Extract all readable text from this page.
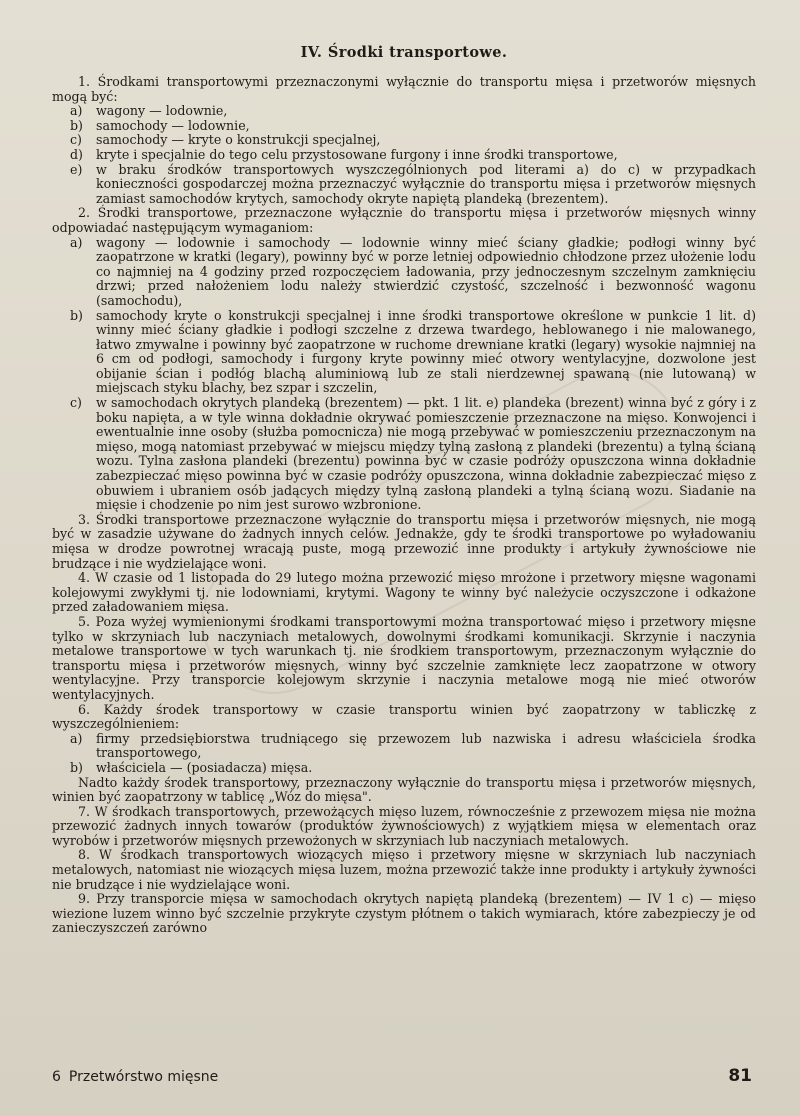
IV. Środki transportowe.

1. Środkami transportowymi przeznaczonymi wyłącznie do transportu mięsa i przetworów mięsnych mogą być:

a) wagony — lodownie,
b) samochody — lodownie,
c) samochody — kryte o konstrukcji specjalnej,
d) kryte i specjalnie do tego celu przystosowane furgony i inne środki transportowe,
e) w braku środków transportowych wyszczególnionych pod literami a) do c) w przypadkach konieczności gospodarczej można przeznaczyć wyłącznie do transportu mięsa i przetworów mięsnych zamiast samochodów krytych, samochody okryte napiętą plandeką (brezentem).

2. Środki transportowe, przeznaczone wyłącznie do transportu mięsa i przetworów mięsnych winny odpowiadać następującym wymaganiom:

a) wagony — lodownie i samochody — lodownie winny mieć ściany gładkie; podłogi winny być zaopatrzone w kratki (legary), powinny być w porze letniej odpowiednio chłodzone przez ułożenie lodu co najmniej na 4 godziny przed rozpoczęciem ładowania, przy jednoczesnym szczelnym zamknięciu drzwi; przed nałożeniem lodu należy stwierdzić czystość, szczelność i bezwonność wagonu (samochodu),
b) samochody kryte o konstrukcji specjalnej i inne środki transportowe określone w punkcie 1 lit. d) winny mieć ściany gładkie i podłogi szczelne z drzewa twardego, heblowanego i nie malowanego, łatwo zmywalne i powinny być zaopatrzone w ruchome drewniane kratki (legary) wysokie najmniej na 6 cm od podłogi, samochody i furgony kryte powinny mieć otwory wentylacyjne, dozwolone jest obijanie ścian i podłóg blachą aluminiową lub ze stali nierdzewnej spawaną (nie lutowaną) w miejscach styku blachy, bez szpar i szczelin,
c) w samochodach okrytych plandeką (brezentem) — pkt. 1 lit. e) plandeka (brezent) winna być z góry i z boku napięta, a w tyle winna dokładnie okrywać pomieszczenie przeznaczone na mięso. Konwojenci i ewentualnie inne osoby (służba pomocnicza) nie mogą przebywać w pomieszczeniu przeznaczonym na mięso, mogą natomiast przebywać w miejscu między tylną zasłoną z plandeki (brezentu) a tylną ścianą wozu. Tylna zasłona plandeki (brezentu) powinna być w czasie podróży opuszczona winna dokładnie zabezpieczać mięso powinna być w czasie podróży opuszczona, winna dokładnie zabezpieczać mięso z obuwiem i ubraniem osób jadących między tylną zasłoną plandeki a tylną ścianą wozu. Siadanie na mięsie i chodzenie po nim jest surowo wzbronione.

3. Środki transportowe przeznaczone wyłącznie do transportu mięsa i przetworów mięsnych, nie mogą być w zasadzie używane do żadnych innych celów. Jednakże, gdy te środki transportowe po wyładowaniu mięsa w drodze powrotnej wracają puste, mogą przewozić inne produkty i artykuły żywnościowe nie brudzące i nie wydzielające woni.

4. W czasie od 1 listopada do 29 lutego można przewozić mięso mrożone i przetwory mięsne wagonami kolejowymi zwykłymi tj. nie lodowniami, krytymi. Wagony te winny być należycie oczyszczone i odkażone przed załadowaniem mięsa.

5. Poza wyżej wymienionymi środkami transportowymi można transportować mięso i przetwory mięsne tylko w skrzyniach lub naczyniach metalowych, dowolnymi środkami komunikacji. Skrzynie i naczynia metalowe transportowe w tych warunkach tj. nie środkiem transportowym, przeznaczonym wyłącznie do transportu mięsa i przetworów mięsnych, winny być szczelnie zamknięte lecz zaopatrzone w otwory wentylacyjne. Przy transporcie kolejowym skrzynie i naczynia metalowe mogą nie mieć otworów wentylacyjnych.

6. Każdy środek transportowy w czasie transportu winien być zaopatrzony w tabliczkę z wyszczególnieniem:

a) firmy przedsiębiorstwa trudniącego się przewozem lub nazwiska i adresu właściciela środka transportowego,
b) właściciela — (posiadacza) mięsa.

Nadto każdy środek transportowy, przeznaczony wyłącznie do transportu mięsa i przetworów mięsnych, winien być zaopatrzony w tablicę „Wóz do mięsa".

7. W środkach transportowych, przewożących mięso luzem, równocześnie z przewozem mięsa nie można przewozić żadnych innych towarów (produktów żywnościowych) z wyjątkiem mięsa w elementach oraz wyrobów i przetworów mięsnych przewożonych w skrzyniach lub naczyniach metalowych.

8. W środkach transportowych wiozących mięso i przetwory mięsne w skrzyniach lub naczyniach metalowych, natomiast nie wiozących mięsa luzem, można przewozić także inne produkty i artykuły żywności nie brudzące i nie wydzielające woni.

9. Przy transporcie mięsa w samochodach okrytych napiętą plandeką (brezentem) — IV 1 c) — mięso wiezione luzem winno być szczelnie przykryte czystym płótnem o takich wymiarach, które zabezpieczy je od zanieczyszczeń zarówno

6 Przetwórstwo mięsne	81
